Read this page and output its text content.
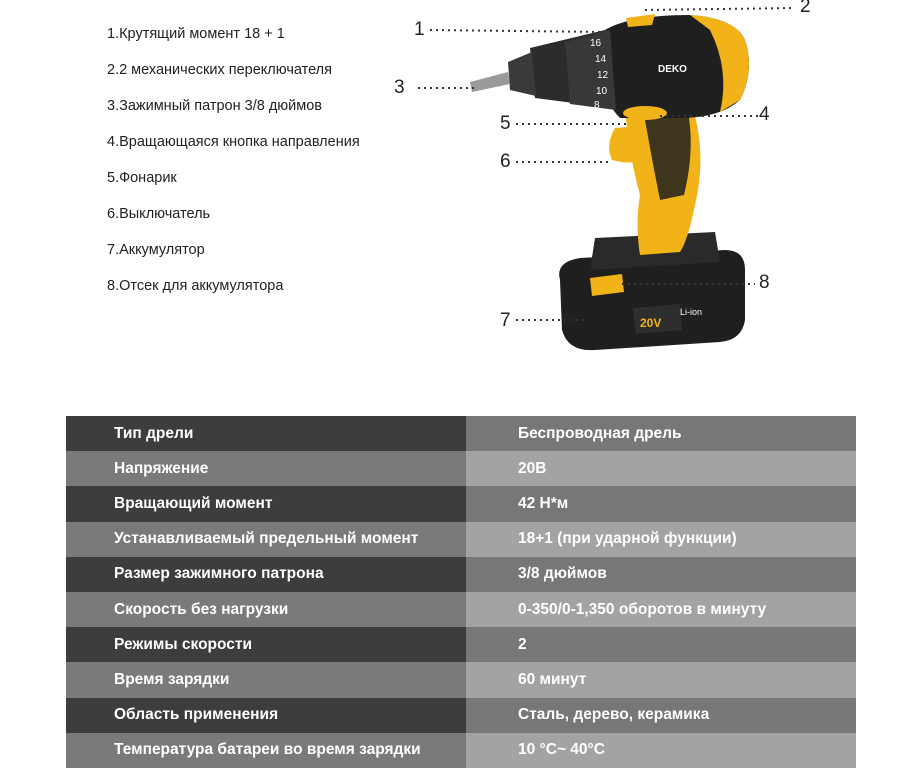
1.Крутящий момент 18 + 1
2.2 механических переключателя
3.Зажимный патрон 3/8 дюймов
4.Вращающаяся кнопка направления
5.Фонарик
6.Выключатель
7.Аккумулятор
8.Отсек для аккумулятора
16
14
12
10
8
DEKO
20V
Li-ion
1
2
3
4
5
6
7
8
Тип дрели	Беспроводная дрель
Напряжение	20В
Вращающий момент	42 Н*м
Устанавливаемый предельный момент	18+1 (при ударной функции)
Размер зажимного патрона	3/8 дюймов
Скорость без нагрузки	0-350/0-1,350 оборотов в минуту
Режимы скорости	2
Время зарядки	60 минут
Область применения	Сталь, дерево, керамика
Температура батареи во время зарядки	10 °C~ 40°C
